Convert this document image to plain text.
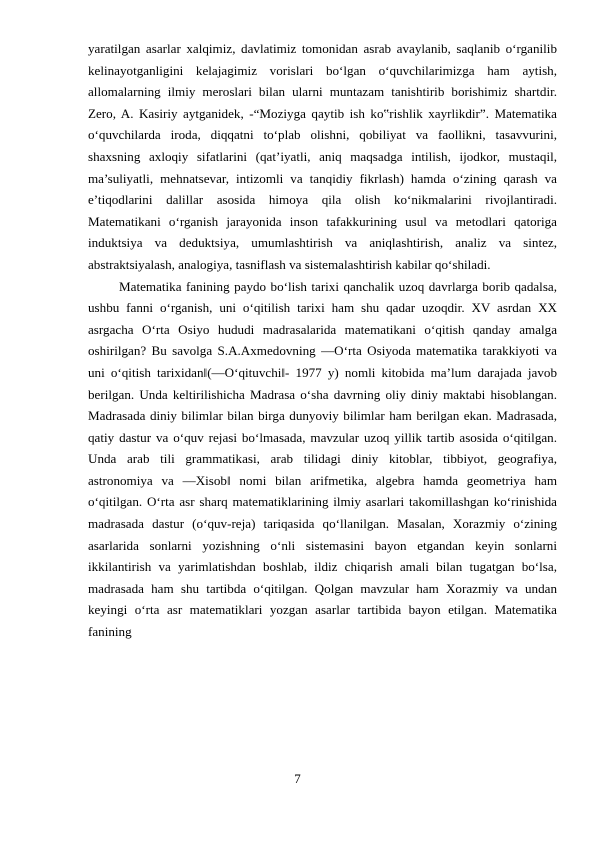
yaratilgan asarlar xalqimiz, davlatimiz tomonidan asrab avaylanib, saqlanib o‘rganilib kelinayotganligini kelajagimiz vorislari bo‘lgan o‘quvchilarimizga ham aytish, allomalarning ilmiy meroslari bilan ularni muntazam tanishtirib borishimiz shartdir. Zero, A. Kasiriy aytganidek, -“Moziyga qaytib ish ko‟rishlik xayrlikdir”. Matematika o‘quvchilarda iroda, diqqatni to‘plab olishni, qobiliyat va faollikni, tasavvurini, shaxsning axloqiy sifatlarini (qat’iyatli, aniq maqsadga intilish, ijodkor, mustaqil, ma’suliyatli, mehnatsevar, intizomli va tanqidiy fikrlash) hamda o‘zining qarash va e’tiqodlarini dalillar asosida himoya qila olish ko‘nikmalarini rivojlantiradi. Matematikani o‘rganish jarayonida inson tafakkurining usul va metodlari qatoriga induktsiya va deduktsiya, umumlashtirish va aniqlashtirish, analiz va sintez, abstraktsiyalash, analogiya, tasniflash va sistemalashtirish kabilar qo‘shiladi.

Matematika fanining paydo bo‘lish tarixi qanchalik uzoq davrlarga borib qadalsa, ushbu fanni o‘rganish, uni o‘qitilish tarixi ham shu qadar uzoqdir. XV asrdan XX asrgacha O‘rta Osiyo hududi madrasalarida matematikani o‘qitish qanday amalga oshirilgan? Bu savolga S.A.Axmedovning ―O‘rta Osiyoda matematika tarakkiyoti va uni o‘qitish tarixidan‖(―O‘qituvchi‖- 1977 y) nomli kitobida ma’lum darajada javob berilgan. Unda keltirilishicha Madrasa o‘sha davrning oliy diniy maktabi hisoblangan. Madrasada diniy bilimlar bilan birga dunyoviy bilimlar ham berilgan ekan. Madrasada, qatiy dastur va o‘quv rejasi bo‘lmasada, mavzular uzoq yillik tartib asosida o‘qitilgan. Unda arab tili grammatikasi, arab tilidagi diniy kitoblar, tibbiyot, geografiya, astronomiya va ―Xisob‖ nomi bilan arifmetika, algebra hamda geometriya ham o‘qitilgan. O‘rta asr sharq matematiklarining ilmiy asarlari takomillashgan ko‘rinishida madrasada dastur (o‘quv-reja) tariqasida qo‘llanilgan. Masalan, Xorazmiy o‘zining asarlarida sonlarni yozishning o‘nli sistemasini bayon etgandan keyin sonlarni ikkilantirish va yarimlatishdan boshlab, ildiz chiqarish amali bilan tugatgan bo‘lsa, madrasada ham shu tartibda o‘qitilgan. Qolgan mavzular ham Xorazmiy va undan keyingi o‘rta asr matematiklari yozgan asarlar tartibida bayon etilgan. Matematika fanining

7
